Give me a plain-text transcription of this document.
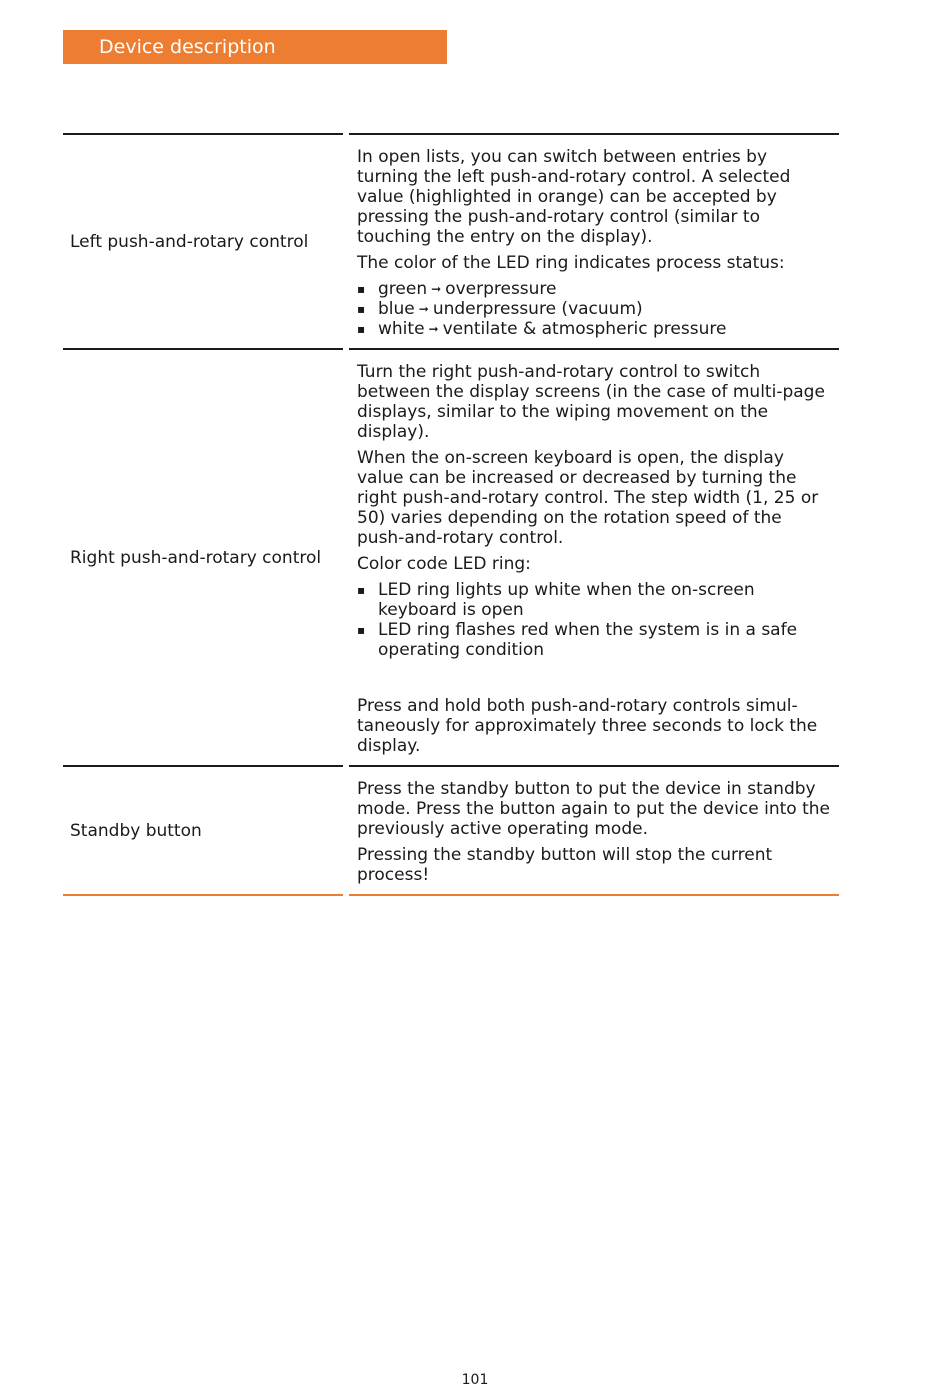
Device description
Left push-and-rotary control

In open lists, you can switch between entries by turning the left push-and-rotary control. A selected value (highlighted in orange) can be accepted by pressing the push-and-rotary control (similar to touching the entry on the display).

The color of the LED ring indicates process status:

▪ green ➞ overpressure
▪ blue ➞ underpressure (vacuum)
▪ white ➞ ventilate & atmospheric pressure
Right push-and-rotary control

Turn the right push-and-rotary control to switch between the display screens (in the case of multi-page displays, similar to the wiping movement on the display).

When the on-screen keyboard is open, the display value can be increased or decreased by turning the right push-and-rotary control. The step width (1, 25 or 50) varies depending on the rotation speed of the push-and-rotary control.

Color code LED ring:

▪ LED ring lights up white when the on-screen keyboard is open
▪ LED ring flashes red when the system is in a safe operating condition

Press and hold both push-and-rotary controls simul-taneously for approximately three seconds to lock the display.

Standby button

Press the standby button to put the device in standby mode. Press the button again to put the device into the previously active operating mode.

Pressing the standby button will stop the current process!

101
